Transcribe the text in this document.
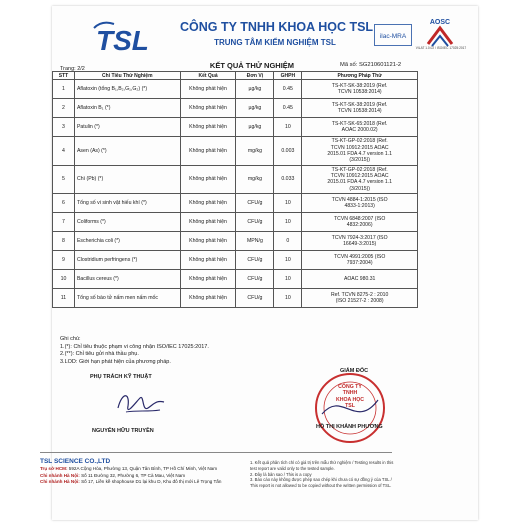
TSL CÔNG TY TNHH KHOA HỌC TSL
TRUNG TÂM KIỂM NGHIỆM TSL
ilac-MRA
AOSC
VILAT 1.0.02 / ISO/IEC 17025:2017
KẾT QUẢ THỬ NGHIỆM	Mã số: SG210601121-2
Trang: 2/2
STT	Chỉ Tiêu Thử Nghiệm	Kết Quả	Đơn Vị	GHPH	Phương Pháp Thử
1	Aflatoxin (tổng B₁,B₂,G₁,G₂) (*)	Không phát hiện	µg/kg	0.45	TS-KT-SK-38:2019 (Ref.
TCVN 10538:2014)

2	Aflatoxin B₁ (*)	Không phát hiện	µg/kg	0.45	TS-KT-SK-38:2019 (Ref.
TCVN 10538:2014)

3	Patulin (*)	Không phát hiện	µg/kg	10	TS-KT-SK-65:2018 (Ref.
AOAC 2000.02)

4	Asen (As) (*)	Không phát hiện	mg/kg	0.003	TS-KT-GP-02:2018 (Ref.
TCVN 10912:2015 AOAC
2015.01 FDA 4.7 version 1.1
(3/2015))

5	Chì (Pb) (*)	Không phát hiện	mg/kg	0.033	TS-KT-GP-02:2018 (Ref.
TCVN 10912:2015 AOAC
2015.01 FDA 4.7 version 1.1
(3/2015))

6	Tổng số vi sinh vật hiếu khí (*)	Không phát hiện	CFU/g	10	TCVN 4884-1:2015 (ISO
4833-1:2013)

7	Coliforms (*)	Không phát hiện	CFU/g	10	TCVN 6848:2007 (ISO
4832:2006)

8	Escherichia coli (*)	Không phát hiện	MPN/g	0	TCVN 7924-3:2017 (ISO
16649-3:2015)

9	Clostridium perfringens (*)	Không phát hiện	CFU/g	10	TCVN 4991:2005 (ISO
7937:2004)

10	Bacillus cereus (*)	Không phát hiện	CFU/g	10	AOAC 980.31

11	Tổng số bào tử nấm men nấm mốc	Không phát hiện	CFU/g	10	Ref. TCVN 8275-2 : 2010
(ISO 21527-2 : 2008)
Ghi chú:
1.(*): Chỉ tiêu thuộc phạm vi công nhận ISO/IEC 17025:2017.
2.(**): Chỉ tiêu gửi nhà thầu phụ.
3.LOD: Giới hạn phát hiện của phương pháp.
PHỤ TRÁCH KỸ THUẬT
NGUYỄN HỮU TRUYỀN
CÔNG TY
TNHH
KHOA HỌC
TSL
GIÁM ĐỐC
HỒ THỊ KHÁNH PHƯƠNG
TSL SCIENCE CO.,LTD
Trụ sở HCM: 592A Cộng Hòa, Phường 13, Quận Tân Bình, TP Hồ Chí Minh, Việt Nam
Chi nhánh Hà Nội: Số 11 Đường 32, Phường 6, TP Cà Mau, Việt Nam
Chi nhánh Hà Nội: Số 17, Liền kề shophouse D1 lại khu D, Khu đô thị mới Lê Trọng Tấn
1. Kết quả phân tích chỉ có giá trị trên mẫu thử nghiệm / Testing results in this test report are valid only to the tested sample.
2. Đây là bản sao / This is a copy
3. Báo cáo này không được phép sao chép khi chưa có sự đồng ý của TSL / This report is not allowed to be copied without the written permission of TSL.
